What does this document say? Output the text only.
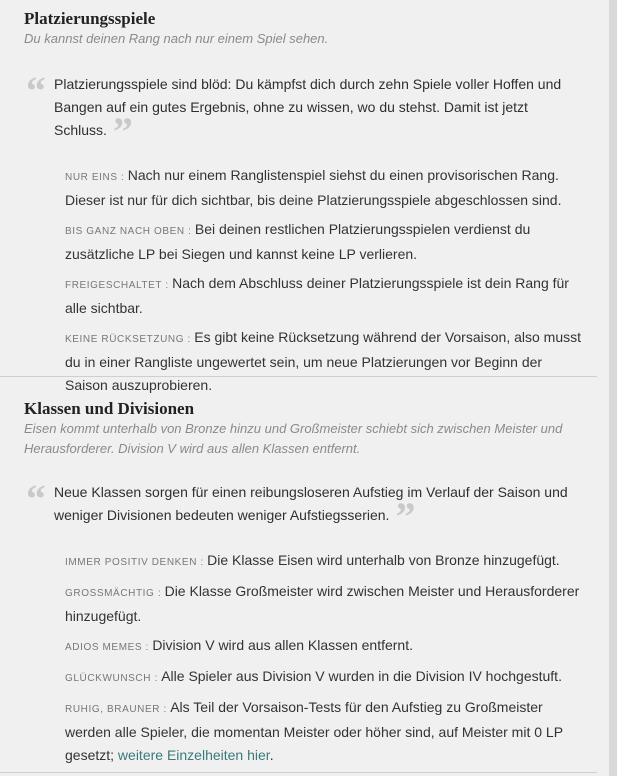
Platzierungsspiele

Du kannst deinen Rang nach nur einem Spiel sehen.

“ Platzierungsspiele sind blöd: Du kämpfst dich durch zehn Spiele voller Hoffen und Bangen auf ein gutes Ergebnis, ohne zu wissen, wo du stehst. Damit ist jetzt Schluss. ”
NUR EINS : Nach nur einem Ranglistenspiel siehst du einen provisorischen Rang. Dieser ist nur für dich sichtbar, bis deine Platzierungsspiele abgeschlossen sind.
BIS GANZ NACH OBEN : Bei deinen restlichen Platzierungsspielen verdienst du zusätzliche LP bei Siegen und kannst keine LP verlieren.
FREIGESCHALTET : Nach dem Abschluss deiner Platzierungsspiele ist dein Rang für alle sichtbar.
KEINE RÜCKSETZUNG : Es gibt keine Rücksetzung während der Vorsaison, also musst du in einer Rangliste ungewertet sein, um neue Platzierungen vor Beginn der Saison auszuprobieren.
Klassen und Divisionen

Eisen kommt unterhalb von Bronze hinzu und Großmeister schiebt sich zwischen Meister und Herausforderer. Division V wird aus allen Klassen entfernt.

“ Neue Klassen sorgen für einen reibungsloseren Aufstieg im Verlauf der Saison und weniger Divisionen bedeuten weniger Aufstiegsserien. ”
IMMER POSITIV DENKEN : Die Klasse Eisen wird unterhalb von Bronze hinzugefügt.
GROSSMÄCHTIG : Die Klasse Großmeister wird zwischen Meister und Herausforderer hinzugefügt.
ADIOS MEMES : Division V wird aus allen Klassen entfernt.
GLÜCKWUNSCH : Alle Spieler aus Division V wurden in die Division IV hochgestuft.
RUHIG, BRAUNER : Als Teil der Vorsaison-Tests für den Aufstieg zu Großmeister werden alle Spieler, die momentan Meister oder höher sind, auf Meister mit 0 LP gesetzt; weitere Einzelheiten hier.
